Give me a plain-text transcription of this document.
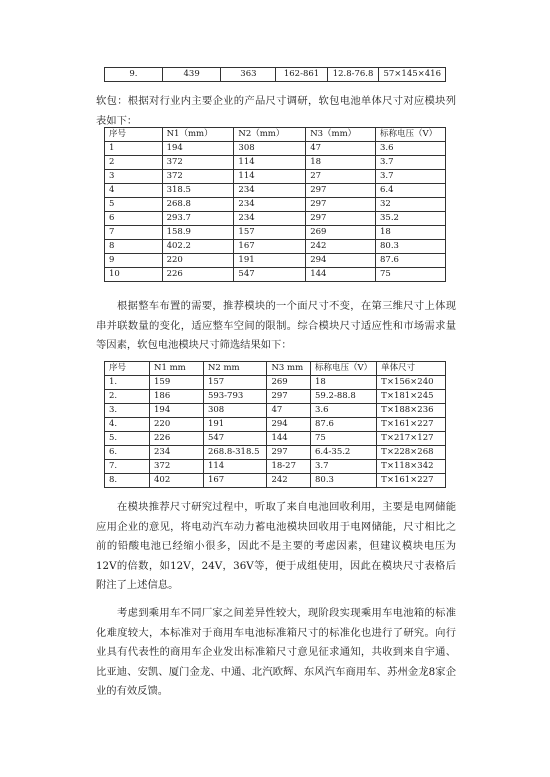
9.	439	363	162-861	12.8-76.8	57×145×416

软包：根据对行业内主要企业的产品尺寸调研，软包电池单体尺寸对应模块列表如下：

序号	N1（mm）	N2（mm）	N3（mm）	标称电压（V）
1	194	308	47	3.6
2	372	114	18	3.7
3	372	114	27	3.7
4	318.5	234	297	6.4
5	268.8	234	297	32
6	293.7	234	297	35.2
7	158.9	157	269	18
8	402.2	167	242	80.3
9	220	191	294	87.6
10	226	547	144	75

根据整车布置的需要，推荐模块的一个面尺寸不变，在第三维尺寸上体现串并联数量的变化，适应整车空间的限制。综合模块尺寸适应性和市场需求量等因素，软包电池模块尺寸筛选结果如下：

序号	N1 mm	N2 mm	N3 mm	标称电压（V）	单体尺寸
1.	159	157	269	18	T×156×240
2.	186	593-793	297	59.2-88.8	T×181×245
3.	194	308	47	3.6	T×188×236
4.	220	191	294	87.6	T×161×227
5.	226	547	144	75	T×217×127
6.	234	268.8-318.5	297	6.4-35.2	T×228×268
7.	372	114	18-27	3.7	T×118×342
8.	402	167	242	80.3	T×161×227

在模块推荐尺寸研究过程中，听取了来自电池回收利用，主要是电网储能应用企业的意见，将电动汽车动力蓄电池模块回收用于电网储能，尺寸相比之前的铅酸电池已经缩小很多，因此不是主要的考虑因素，但建议模块电压为12V的倍数，如12V，24V，36V等，便于成组使用，因此在模块尺寸表格后附注了上述信息。

考虑到乘用车不同厂家之间差异性较大，现阶段实现乘用车电池箱的标准化难度较大，本标准对于商用车电池标准箱尺寸的标准化也进行了研究。向行业具有代表性的商用车企业发出标准箱尺寸意见征求通知，共收到来自宇通、比亚迪、安凯、厦门金龙、中通、北汽欧辉、东风汽车商用车、苏州金龙8家企业的有效反馈。
